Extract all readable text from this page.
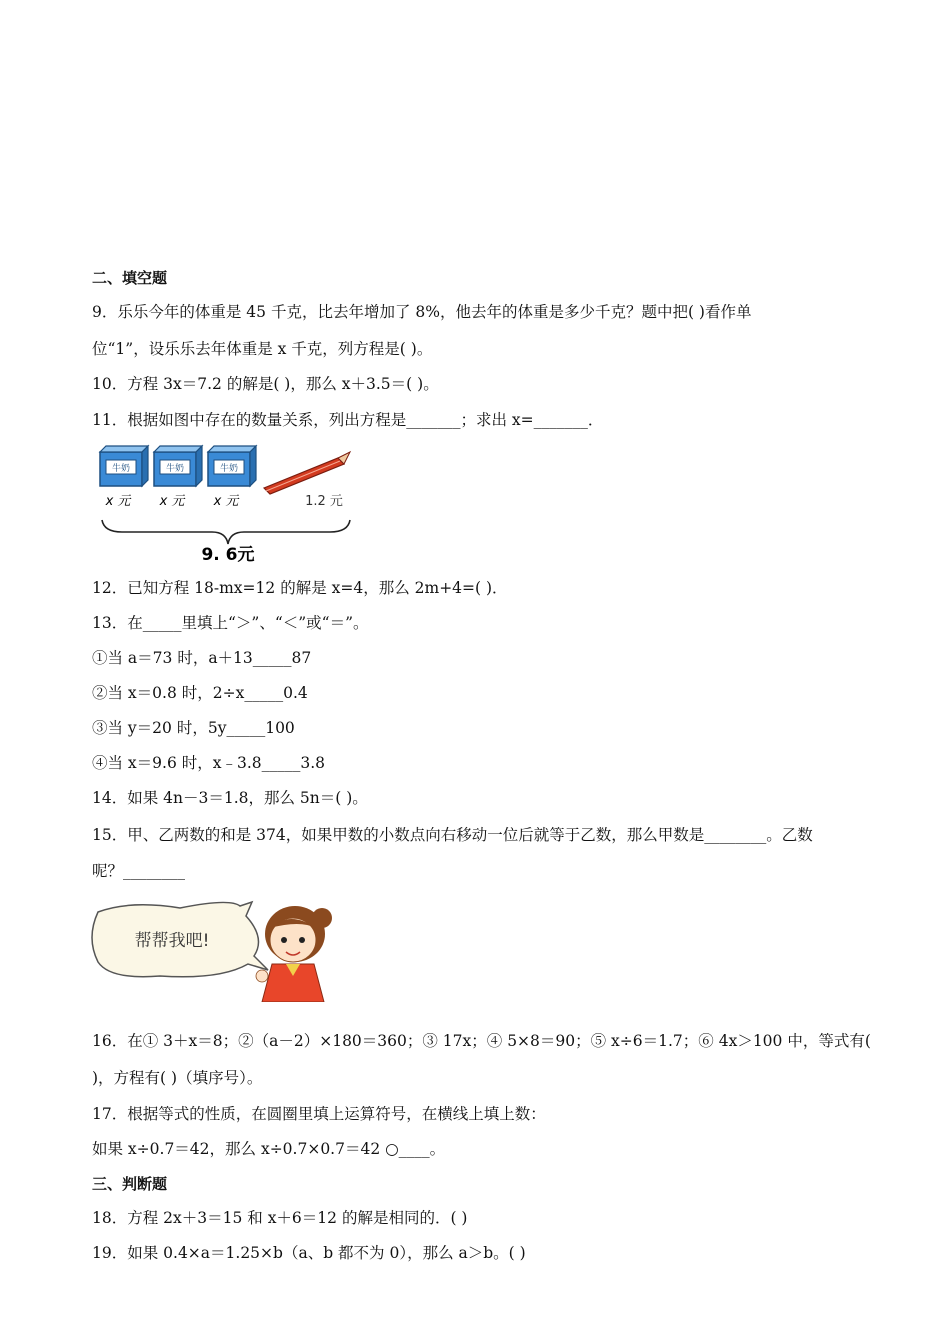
二、填空题
9．乐乐今年的体重是 45 千克，比去年增加了 8%，他去年的体重是多少千克？题中把( )看作单
位“1”，设乐乐去年体重是 x 千克，列方程是( )。
10．方程 3x＝7.2 的解是( )，那么 x＋3.5＝( )。
11．根据如图中存在的数量关系，列出方程是_______；求出 x=_______．
牛奶	牛奶	牛奶
x 元 x 元 x 元	1.2 元
9. 6元
12．已知方程 18-mx=12 的解是 x=4，那么 2m+4=( )．
13．在_____里填上“＞”、“＜”或“＝”。
①当 a＝73 时，a＋13_____87
②当 x＝0.8 时，2÷x_____0.4
③当 y＝20 时，5y_____100
④当 x＝9.6 时，x﹣3.8_____3.8
14．如果 4n－3＝1.8，那么 5n＝( )。
15．甲、乙两数的和是 374，如果甲数的小数点向右移动一位后就等于乙数，那么甲数是________。乙数
呢？________
帮帮我吧!
16．在① 3＋x＝8；②（a－2）×180＝360；③ 17x；④ 5×8＝90；⑤ x÷6＝1.7；⑥ 4x＞100 中，等式有(
)，方程有( )（填序号）。
17．根据等式的性质，在圆圈里填上运算符号，在横线上填上数：
如果 x÷0.7＝42，那么 x÷0.7×0.7＝42 ○____。
三、判断题
18．方程 2x＋3＝15 和 x＋6＝12 的解是相同的．( )
19．如果 0.4×a＝1.25×b（a、b 都不为 0），那么 a＞b。( )
